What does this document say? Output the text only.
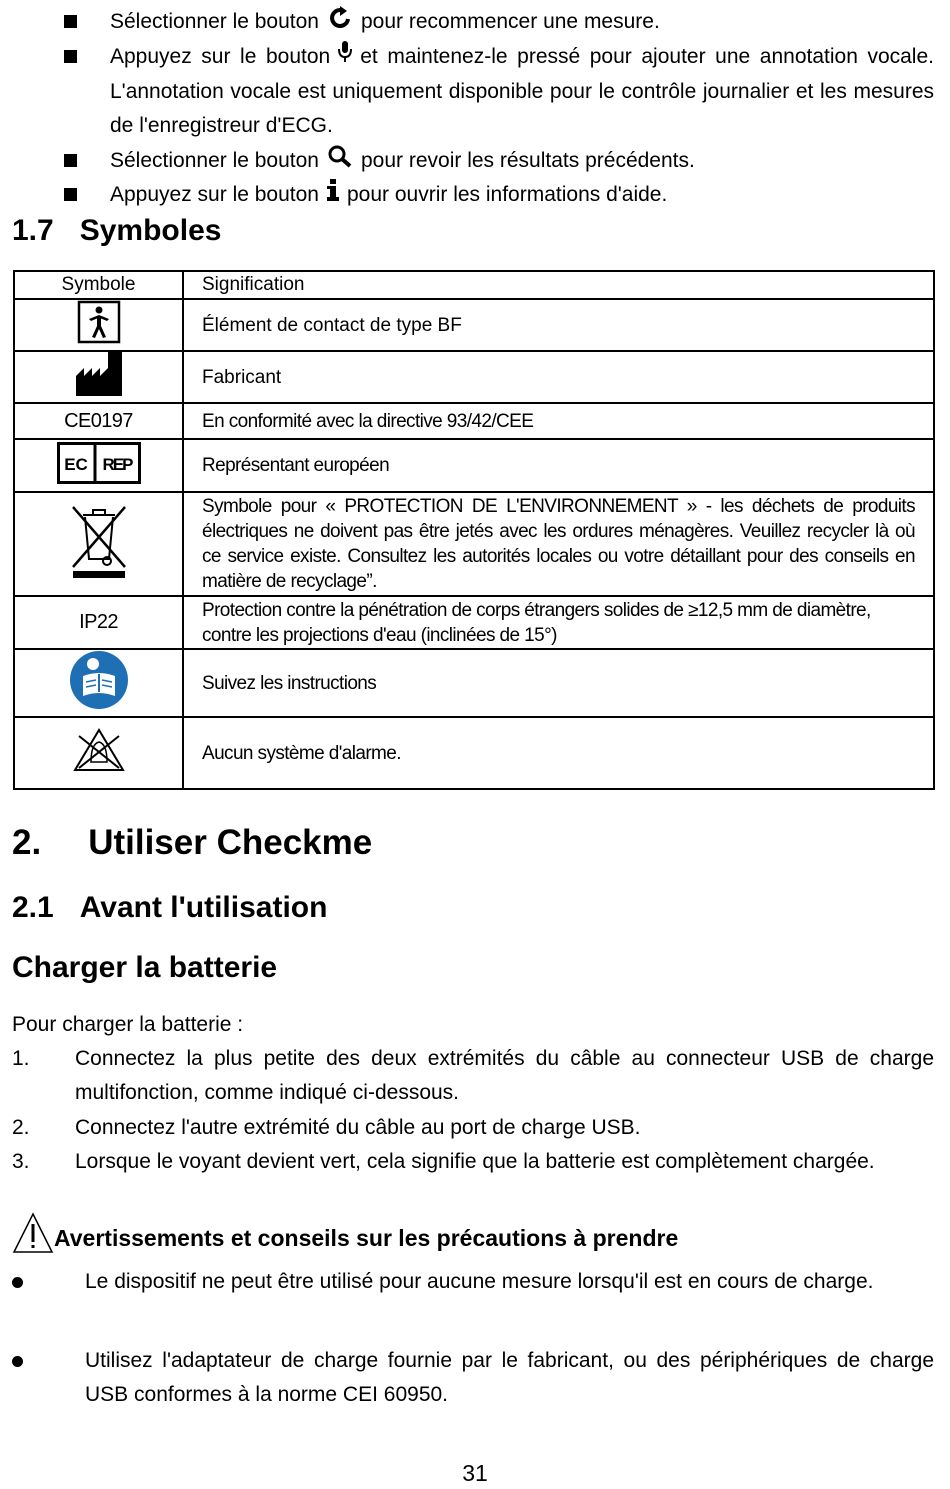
Sélectionner le bouton pour recommencer une mesure.
Appuyez sur le bouton et maintenez-le pressé pour ajouter une annotation vocale. L'annotation vocale est uniquement disponible pour le contrôle journalier et les mesures de l'enregistreur d'ECG.
Sélectionner le bouton pour revoir les résultats précédents.
Appuyez sur le bouton pour ouvrir les informations d'aide.
1.7 Symboles
Symbole	Signification
	Élément de contact de type BF
	Fabricant
CE0197	En conformité avec la directive 93/42/CEE

EC REP	Représentant européen
	Symbole pour « PROTECTION DE L'ENVIRONNEMENT » - les déchets de produits électriques ne doivent pas être jetés avec les ordures ménagères. Veuillez recycler là où ce service existe. Consultez les autorités locales ou votre détaillant pour des conseils en matière de recyclage”.
IP22	Protection contre la pénétration de corps étrangers solides de ≥12,5 mm de diamètre, contre les projections d'eau (inclinées de 15°)
	Suivez les instructions
	Aucun système d'alarme.
2. Utiliser Checkme
2.1 Avant l'utilisation
Charger la batterie
Pour charger la batterie :
1. Connectez la plus petite des deux extrémités du câble au connecteur USB de charge multifonction, comme indiqué ci-dessous.
2. Connectez l'autre extrémité du câble au port de charge USB.
3. Lorsque le voyant devient vert, cela signifie que la batterie est complètement chargée.
Avertissements et conseils sur les précautions à prendre
Le dispositif ne peut être utilisé pour aucune mesure lorsqu'il est en cours de charge.
Utilisez l'adaptateur de charge fournie par le fabricant, ou des périphériques de charge USB conformes à la norme CEI 60950.
31
